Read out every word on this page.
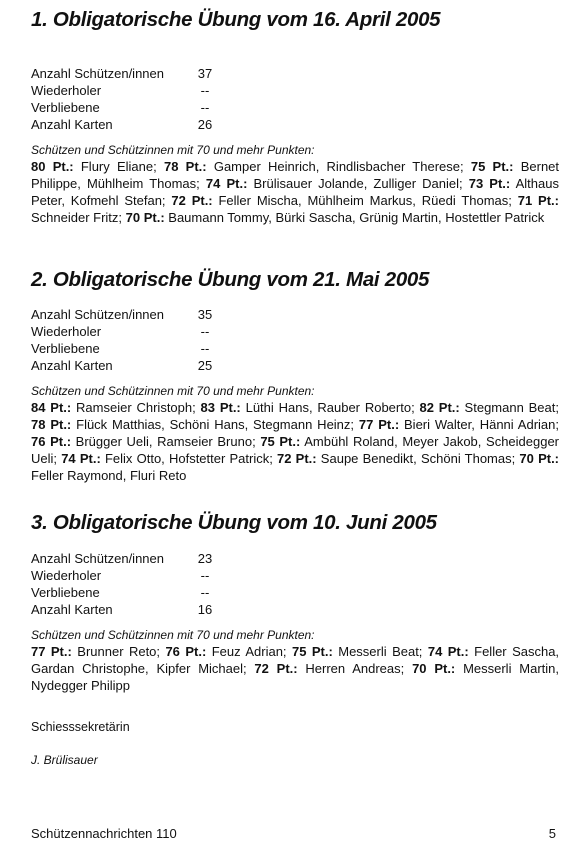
1. Obligatorische Übung vom 16. April 2005
Anzahl Schützen/innen	37
Wiederholer	--
Verbliebene	--
Anzahl Karten	26

Schützen und Schützinnen mit 70 und mehr Punkten:

80 Pt.: Flury Eliane; 78 Pt.: Gamper Heinrich, Rindlisbacher Therese; 75 Pt.: Bernet Philippe, Mühlheim Thomas; 74 Pt.: Brülisauer Jolande, Zulliger Daniel; 73 Pt.: Althaus Peter, Kofmehl Stefan; 72 Pt.: Feller Mischa, Mühlheim Markus, Rüedi Thomas; 71 Pt.: Schneider Fritz; 70 Pt.: Baumann Tommy, Bürki Sascha, Grünig Martin, Hostettler Patrick

2. Obligatorische Übung vom 21. Mai 2005
Anzahl Schützen/innen	35
Wiederholer	--
Verbliebene	--
Anzahl Karten	25

Schützen und Schützinnen mit 70 und mehr Punkten:

84 Pt.: Ramseier Christoph; 83 Pt.: Lüthi Hans, Rauber Roberto; 82 Pt.: Stegmann Beat; 78 Pt.: Flück Matthias, Schöni Hans, Stegmann Heinz; 77 Pt.: Bieri Walter, Hänni Adrian; 76 Pt.: Brügger Ueli, Ramseier Bruno; 75 Pt.: Ambühl Roland, Meyer Jakob, Scheidegger Ueli; 74 Pt.: Felix Otto, Hofstetter Patrick; 72 Pt.: Saupe Benedikt, Schöni Thomas; 70 Pt.: Feller Raymond, Fluri Reto

3. Obligatorische Übung vom 10. Juni 2005
Anzahl Schützen/innen	23
Wiederholer	--
Verbliebene	--
Anzahl Karten	16

Schützen und Schützinnen mit 70 und mehr Punkten:

77 Pt.: Brunner Reto; 76 Pt.: Feuz Adrian; 75 Pt.: Messerli Beat; 74 Pt.: Feller Sascha, Gardan Christophe, Kipfer Michael; 72 Pt.: Herren Andreas; 70 Pt.: Messerli Martin, Nydegger Philipp

Schiesssekretärin
J. Brülisauer
Schützennachrichten 110	5
